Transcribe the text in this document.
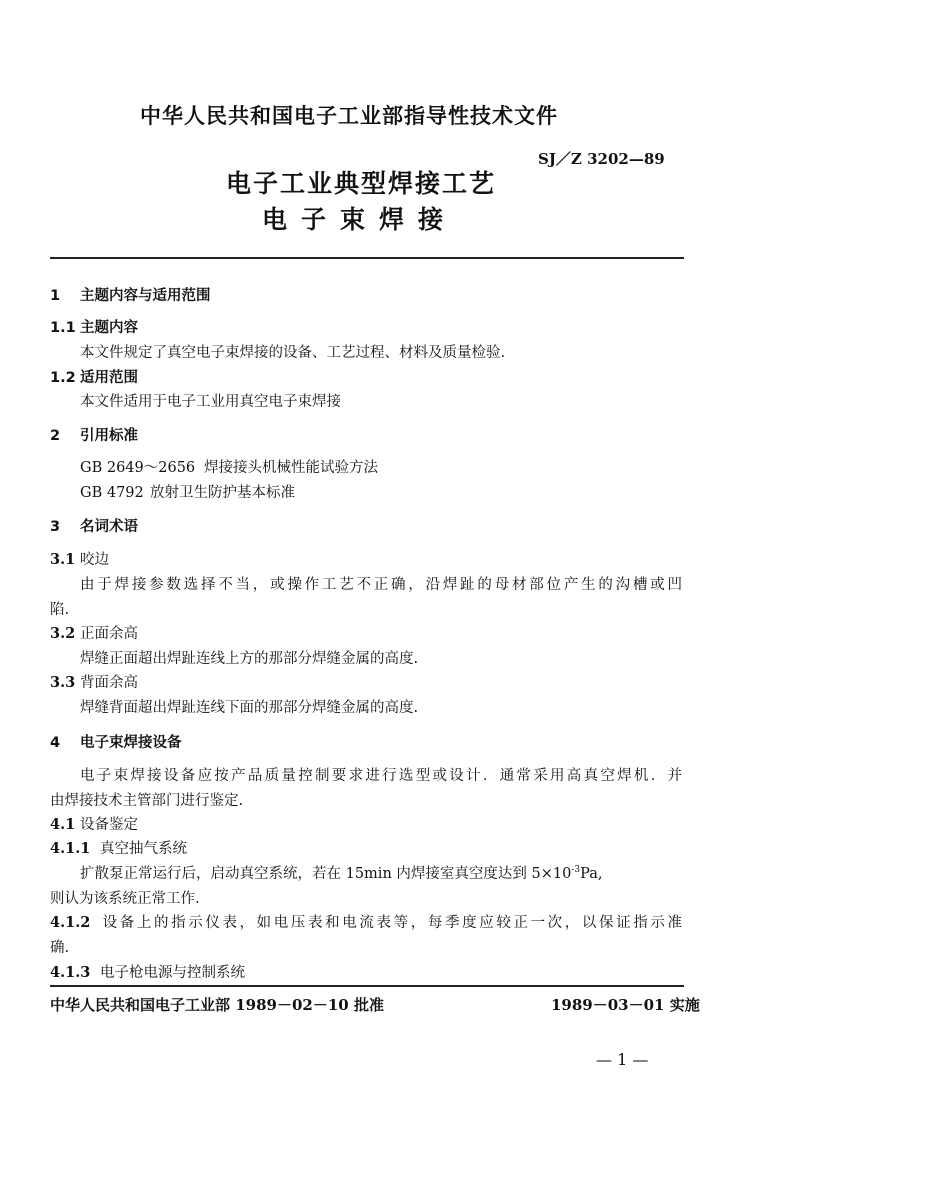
中华人民共和国电子工业部指导性技术文件
SJ／Z 3202—89
电子工业典型焊接工艺
电子束焊接
1 主题内容与适用范围
1.1 主题内容
本文件规定了真空电子束焊接的设备、工艺过程、材料及质量检验.
1.2 适用范围
本文件适用于电子工业用真空电子束焊接
2 引用标准
GB 2649～2656 焊接接头机械性能试验方法
GB 4792 放射卫生防护基本标准
3 名词术语
3.1 咬边
由于焊接参数选择不当，或操作工艺不正确，沿焊趾的母材部位产生的沟槽或凹
陷.
3.2 正面余高
焊缝正面超出焊趾连线上方的那部分焊缝金属的高度.
3.3 背面余高
焊缝背面超出焊趾连线下面的那部分焊缝金属的高度.
4 电子束焊接设备
电子束焊接设备应按产品质量控制要求进行选型或设计．通常采用高真空焊机．并
由焊接技术主管部门进行鉴定.
4.1 设备鉴定
4.1.1 真空抽气系统
扩散泵正常运行后，启动真空系统，若在 15min 内焊接室真空度达到 $5\times 10^{-3}Pa$,
则认为该系统正常工作.
4.1.2 设备上的指示仪表，如电压表和电流表等，每季度应较正一次，以保证指示准
确.
4.1.3 电子枪电源与控制系统
中华人民共和国电子工业部 1989－02－10 批准	1989－03－01 实施
— 1 —
